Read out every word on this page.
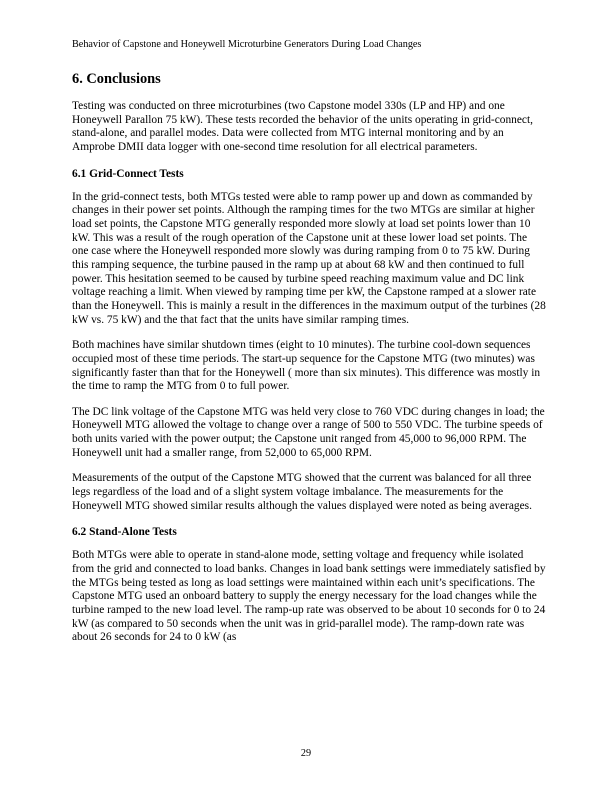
Behavior of Capstone and Honeywell Microturbine Generators During Load Changes
6. Conclusions

Testing was conducted on three microturbines (two Capstone model 330s (LP and HP) and one Honeywell Parallon 75 kW). These tests recorded the behavior of the units operating in grid-connect, stand-alone, and parallel modes. Data were collected from MTG internal monitoring and by an Amprobe DMII data logger with one-second time resolution for all electrical parameters.

6.1 Grid-Connect Tests

In the grid-connect tests, both MTGs tested were able to ramp power up and down as commanded by changes in their power set points. Although the ramping times for the two MTGs are similar at higher load set points, the Capstone MTG generally responded more slowly at load set points lower than 10 kW. This was a result of the rough operation of the Capstone unit at these lower load set points. The one case where the Honeywell responded more slowly was during ramping from 0 to 75 kW. During this ramping sequence, the turbine paused in the ramp up at about 68 kW and then continued to full power. This hesitation seemed to be caused by turbine speed reaching maximum value and DC link voltage reaching a limit. When viewed by ramping time per kW, the Capstone ramped at a slower rate than the Honeywell. This is mainly a result in the differences in the maximum output of the turbines (28 kW vs. 75 kW) and the that fact that the units have similar ramping times.

Both machines have similar shutdown times (eight to 10 minutes). The turbine cool-down sequences occupied most of these time periods. The start-up sequence for the Capstone MTG (two minutes) was significantly faster than that for the Honeywell ( more than six minutes). This difference was mostly in the time to ramp the MTG from 0 to full power.

The DC link voltage of the Capstone MTG was held very close to 760 VDC during changes in load; the Honeywell MTG allowed the voltage to change over a range of 500 to 550 VDC. The turbine speeds of both units varied with the power output; the Capstone unit ranged from 45,000 to 96,000 RPM. The Honeywell unit had a smaller range, from 52,000 to 65,000 RPM.

Measurements of the output of the Capstone MTG showed that the current was balanced for all three legs regardless of the load and of a slight system voltage imbalance. The measurements for the Honeywell MTG showed similar results although the values displayed were noted as being averages.

6.2 Stand-Alone Tests

Both MTGs were able to operate in stand-alone mode, setting voltage and frequency while isolated from the grid and connected to load banks. Changes in load bank settings were immediately satisfied by the MTGs being tested as long as load settings were maintained within each unit’s specifications. The Capstone MTG used an onboard battery to supply the energy necessary for the load changes while the turbine ramped to the new load level. The ramp-up rate was observed to be about 10 seconds for 0 to 24 kW (as compared to 50 seconds when the unit was in grid-parallel mode). The ramp-down rate was about 26 seconds for 24 to 0 kW (as

29
